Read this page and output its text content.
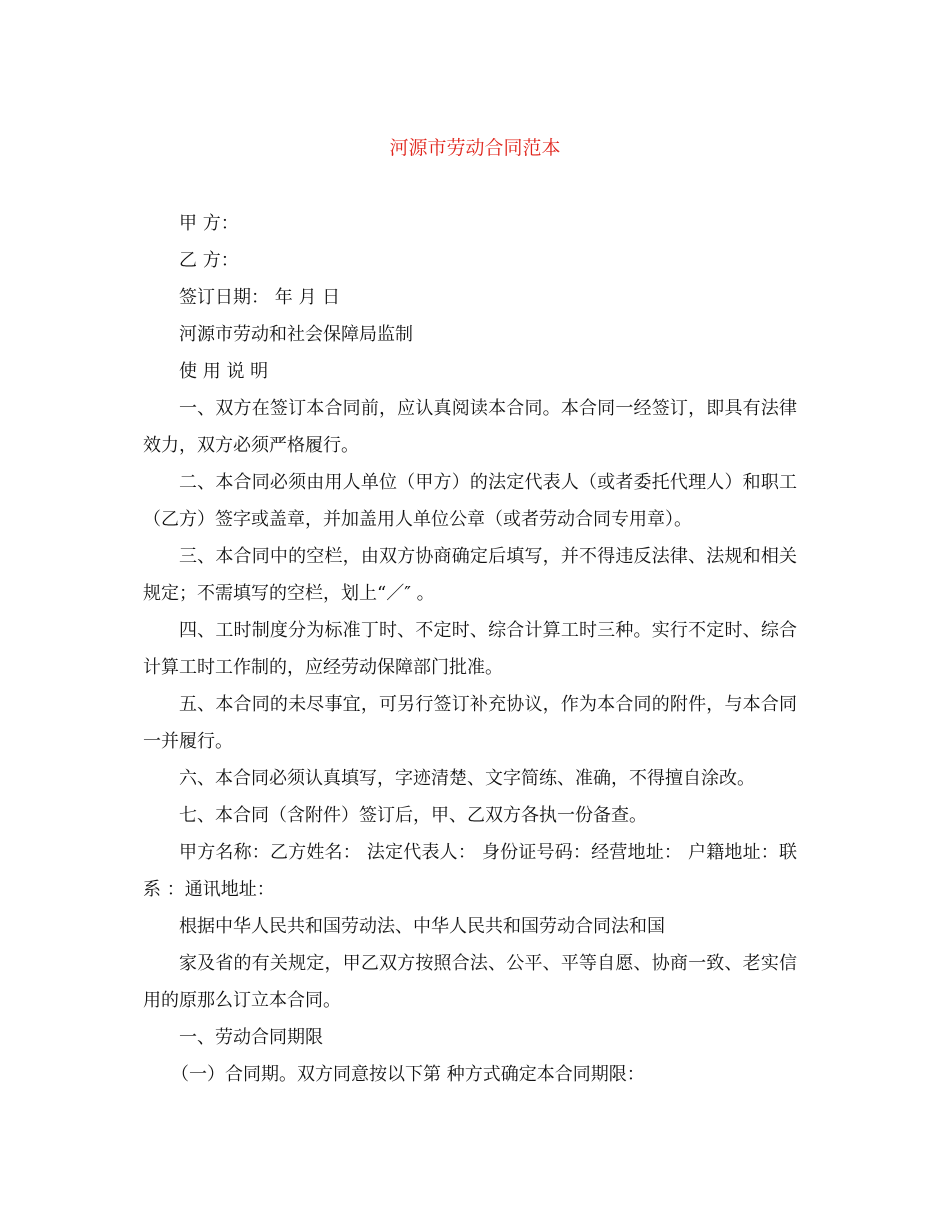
河源市劳动合同范本

甲 方：

乙 方：

签订日期： 年 月 日

河源市劳动和社会保障局监制

使 用 说 明

一、双方在签订本合同前，应认真阅读本合同。本合同一经签订，即具有法律效力，双方必须严格履行。

二、本合同必须由用人单位（甲方）的法定代表人（或者委托代理人）和职工（乙方）签字或盖章，并加盖用人单位公章（或者劳动合同专用章）。

三、本合同中的空栏，由双方协商确定后填写，并不得违反法律、法规和相关规定；不需填写的空栏，划上“／″ 。

四、工时制度分为标准丁时、不定时、综合计算工时三种。实行不定时、综合计算工时工作制的，应经劳动保障部门批准。

五、本合同的未尽事宜，可另行签订补充协议，作为本合同的附件，与本合同一并履行。

六、本合同必须认真填写，字迹清楚、文字简练、准确，不得擅自涂改。

七、本合同（含附件）签订后，甲、乙双方各执一份备查。

甲方名称：乙方姓名： 法定代表人： 身份证号码：经营地址： 户籍地址：联系 ：通讯地址：

根据中华人民共和国劳动法、中华人民共和国劳动合同法和国

家及省的有关规定，甲乙双方按照合法、公平、平等自愿、协商一致、老实信用的原那么订立本合同。

一、劳动合同期限

（一）合同期。双方同意按以下第 种方式确定本合同期限：
